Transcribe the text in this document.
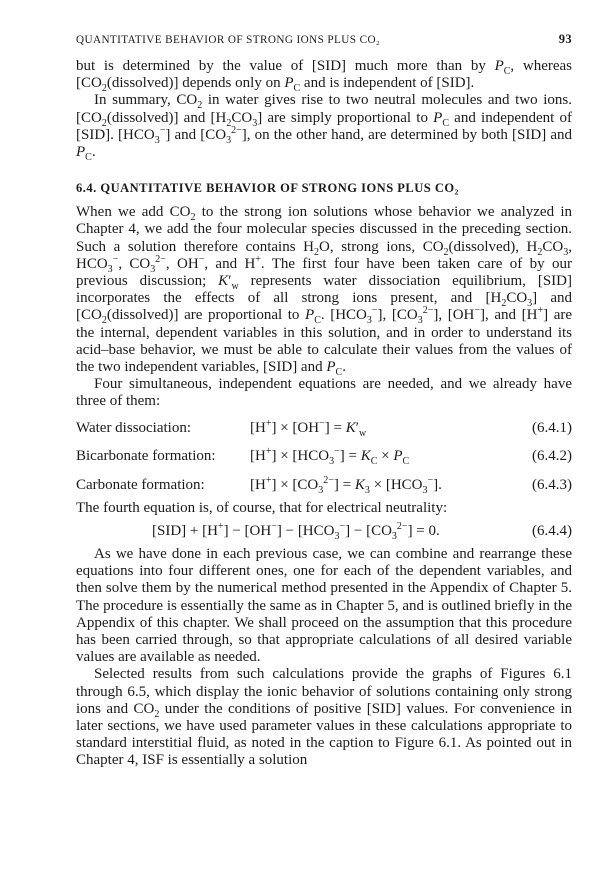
QUANTITATIVE BEHAVIOR OF STRONG IONS PLUS CO₂	93

but is determined by the value of [SID] much more than by $P_C$, whereas $[CO_2(dissolved)]$ depends only on $P_C$ and is independent of [SID].

In summary, $CO_2$ in water gives rise to two neutral molecules and two ions. $[CO_2(dissolved)]$ and $[H_2CO_3]$ are simply proportional to $P_C$ and independent of [SID]. $[HCO_3^-]$ and $[CO_3^{2-}]$, on the other hand, are determined by both [SID] and $P_C$.

6.4. QUANTITATIVE BEHAVIOR OF STRONG IONS PLUS CO₂

When we add $CO_2$ to the strong ion solutions whose behavior we analyzed in Chapter 4, we add the four molecular species discussed in the preceding section. Such a solution therefore contains $H_2O$, strong ions, $CO_2(dissolved)$, $H_2CO_3$, $HCO_3^-$, $CO_3^{2-}$, OH−, and H+. The first four have been taken care of by our previous discussion; $K'_w$ represents water dissociation equilibrium, [SID] incorporates the effects of all strong ions present, and $[H_2CO_3]$ and $[CO_2(dissolved)]$ are proportional to $P_C$. $[HCO_3^-]$, $[CO_3^{2-}]$, [OH−], and [H+] are the internal, dependent variables in this solution, and in order to understand its acid–base behavior, we must be able to calculate their values from the values of the two independent variables, [SID] and $P_C$.

Four simultaneous, independent equations are needed, and we already have three of them:

Water dissociation:	$[H^+] \times [OH^-] = K'_w$	(6.4.1)
Bicarbonate formation: $[H^+] \times [HCO_3^-] = K_C \times P_C$	(6.4.2)
Carbonate formation:	$[H^+] \times [CO_3^{2-}] = K_3 \times [HCO_3^-]$.	(6.4.3)

The fourth equation is, of course, that for electrical neutrality:

$[SID] + [H^+] - [OH^-] - [HCO_3^-] - [CO_3^{2-}] = 0$.	(6.4.4)

As we have done in each previous case, we can combine and rearrange these equations into four different ones, one for each of the dependent variables, and then solve them by the numerical method presented in the Appendix of Chapter 5. The procedure is essentially the same as in Chapter 5, and is outlined briefly in the Appendix of this chapter. We shall proceed on the assumption that this procedure has been carried through, so that appropriate calculations of all desired variable values are available as needed.

Selected results from such calculations provide the graphs of Figures 6.1 through 6.5, which display the ionic behavior of solutions containing only strong ions and $CO_2$ under the conditions of positive [SID] values. For convenience in later sections, we have used parameter values in these calculations appropriate to standard interstitial fluid, as noted in the caption to Figure 6.1. As pointed out in Chapter 4, ISF is essentially a solution
